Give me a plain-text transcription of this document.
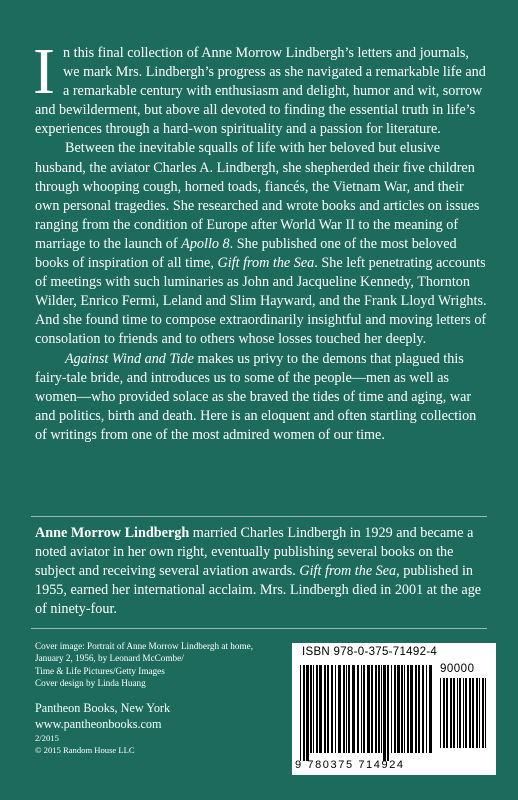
In this final collection of Anne Morrow Lindbergh’s letters and journals, we mark Mrs. Lindbergh’s progress as she navigated a remarkable life and a remarkable century with enthusiasm and delight, humor and wit, sorrow and bewilderment, but above all devoted to finding the essential truth in life’s experiences through a hard-won spirituality and a passion for literature.

Between the inevitable squalls of life with her beloved but elusive husband, the aviator Charles A. Lindbergh, she shepherded their five children through whooping cough, horned toads, fiancés, the Vietnam War, and their own personal tragedies. She researched and wrote books and articles on issues ranging from the condition of Europe after World War II to the meaning of marriage to the launch of Apollo 8. She published one of the most beloved books of inspiration of all time, Gift from the Sea. She left penetrating accounts of meetings with such luminaries as John and Jacqueline Kennedy, Thornton Wilder, Enrico Fermi, Leland and Slim Hayward, and the Frank Lloyd Wrights. And she found time to compose extraordinarily insightful and moving letters of consolation to friends and to others whose losses touched her deeply.

Against Wind and Tide makes us privy to the demons that plagued this fairy-tale bride, and introduces us to some of the people—men as well as women—who provided solace as she braved the tides of time and aging, war and politics, birth and death. Here is an eloquent and often startling collection of writings from one of the most admired women of our time.

Anne Morrow Lindbergh married Charles Lindbergh in 1929 and became a noted aviator in her own right, eventually publishing several books on the subject and receiving several aviation awards. Gift from the Sea, published in 1955, earned her international acclaim. Mrs. Lindbergh died in 2001 at the age of ninety-four.
Cover image: Portrait of Anne Morrow Lindbergh at home,
January 2, 1956, by Leonard McCombe/
Time & Life Pictures/Getty Images
Cover design by Linda Huang
Pantheon Books, New York
www.pantheonbooks.com
2/2015
© 2015 Random House LLC
ISBN 978-0-375-71492-4
90000
9 780375 714924
